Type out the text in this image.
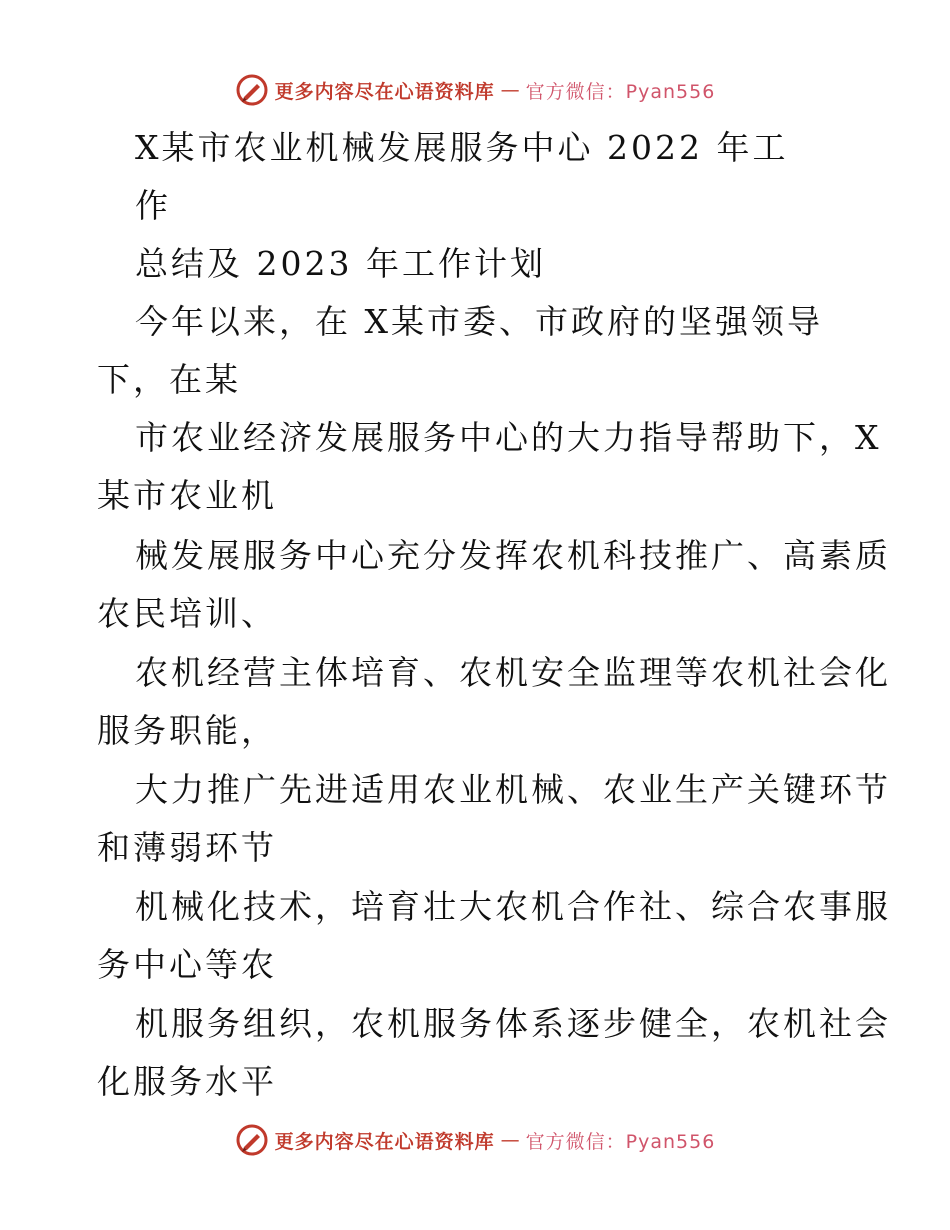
更多内容尽在心语资料库 — 官方微信：Pyan556
X某市农业机械发展服务中心 2022 年工
作
总结及 2023 年工作计划
今年以来，在 X某市委、市政府的坚强领导
下，在某
市农业经济发展服务中心的大力指导帮助下，X
某市农业机
械发展服务中心充分发挥农机科技推广、高素质
农民培训、
农机经营主体培育、农机安全监理等农机社会化
服务职能，
大力推广先进适用农业机械、农业生产关键环节
和薄弱环节
机械化技术，培育壮大农机合作社、综合农事服
务中心等农
机服务组织，农机服务体系逐步健全，农机社会
化服务水平
更多内容尽在心语资料库 — 官方微信：Pyan556
